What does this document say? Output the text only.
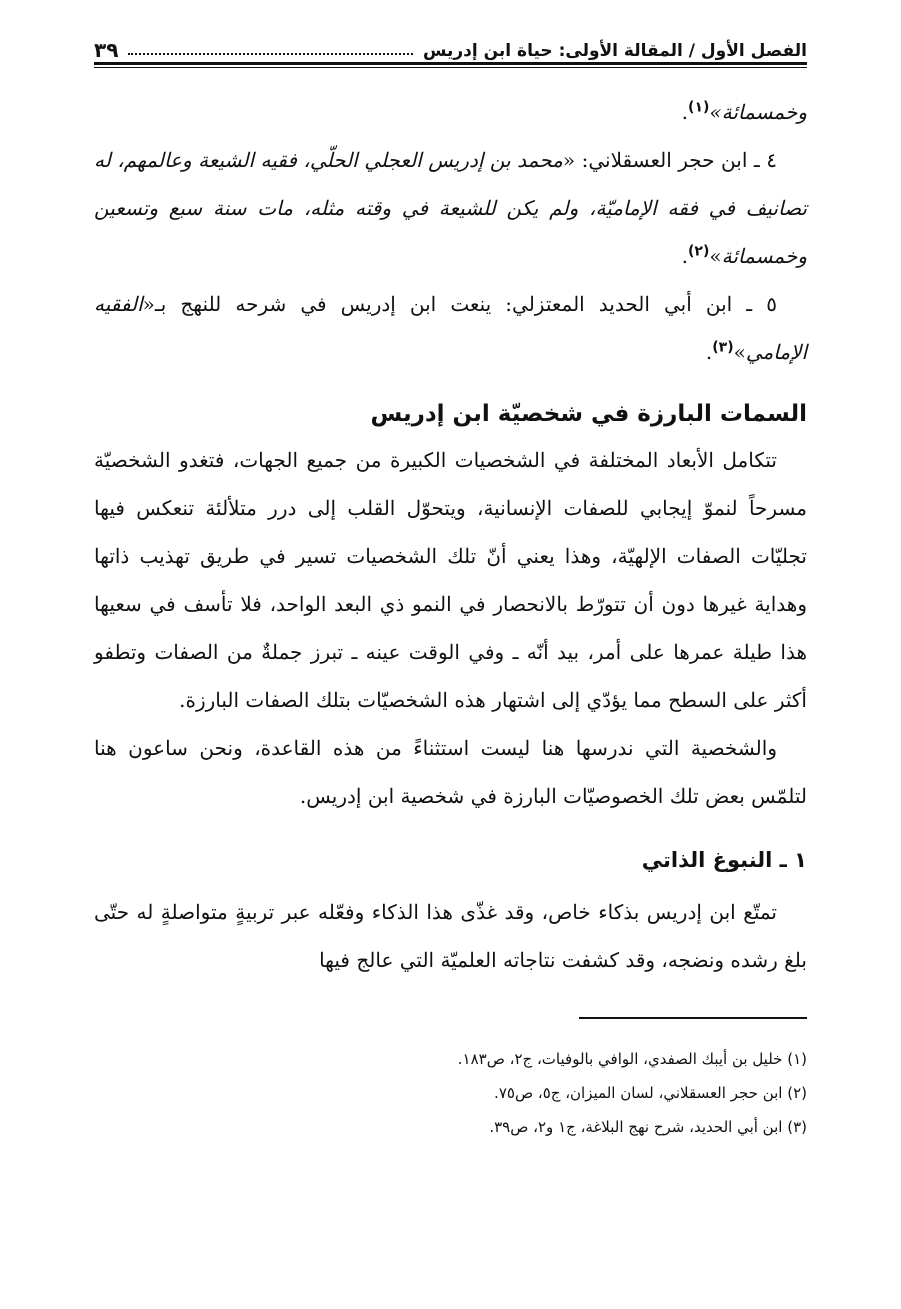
الفصل الأول / المقالة الأولى: حياة ابن إدريس
٣٩

وخمسمائة»$^{(١)}$.

٤ ـ ابن حجر العسقلاني: «محمد بن إدريس العجلي الحلّي، فقيه الشيعة وعالمهم، له تصانيف في فقه الإماميّة، ولم يكن للشيعة في وقته مثله، مات سنة سبع وتسعين وخمسمائة»$^{(٢)}$.

٥ ـ ابن أبي الحديد المعتزلي: ينعت ابن إدريس في شرحه للنهج بـ«الفقيه الإمامي»$^{(٣)}$.

السمات البارزة في شخصيّة ابن إدريس

تتكامل الأبعاد المختلفة في الشخصيات الكبيرة من جميع الجهات، فتغدو الشخصيّة مسرحاً لنموّ إيجابي للصفات الإنسانية، ويتحوّل القلب إلى درر متلألئة تنعكس فيها تجليّات الصفات الإلهيّة، وهذا يعني أنّ تلك الشخصيات تسير في طريق تهذيب ذاتها وهداية غيرها دون أن تتورّط بالانحصار في النمو ذي البعد الواحد، فلا تأسف في سعيها هذا طيلة عمرها على أمر، بيد أنّه ـ وفي الوقت عينه ـ تبرز جملةٌ من الصفات وتطفو أكثر على السطح مما يؤدّي إلى اشتهار هذه الشخصيّات بتلك الصفات البارزة.

والشخصية التي ندرسها هنا ليست استثناءً من هذه القاعدة، ونحن ساعون هنا لتلمّس بعض تلك الخصوصيّات البارزة في شخصية ابن إدريس.

١ ـ النبوغ الذاتي

تمتّع ابن إدريس بذكاء خاص، وقد غذّى هذا الذكاء وفعّله عبر تربيةٍ متواصلةٍ له حتّى بلغ رشده ونضجه، وقد كشفت نتاجاته العلميّة التي عالج فيها

(١) خليل بن أيبك الصفدي، الوافي بالوفيات، ج٢، ص١٨٣.
(٢) ابن حجر العسقلاني، لسان الميزان، ج٥، ص٧٥.
(٣) ابن أبي الحديد، شرح نهج البلاغة، ج١ و٢، ص٣٩.
